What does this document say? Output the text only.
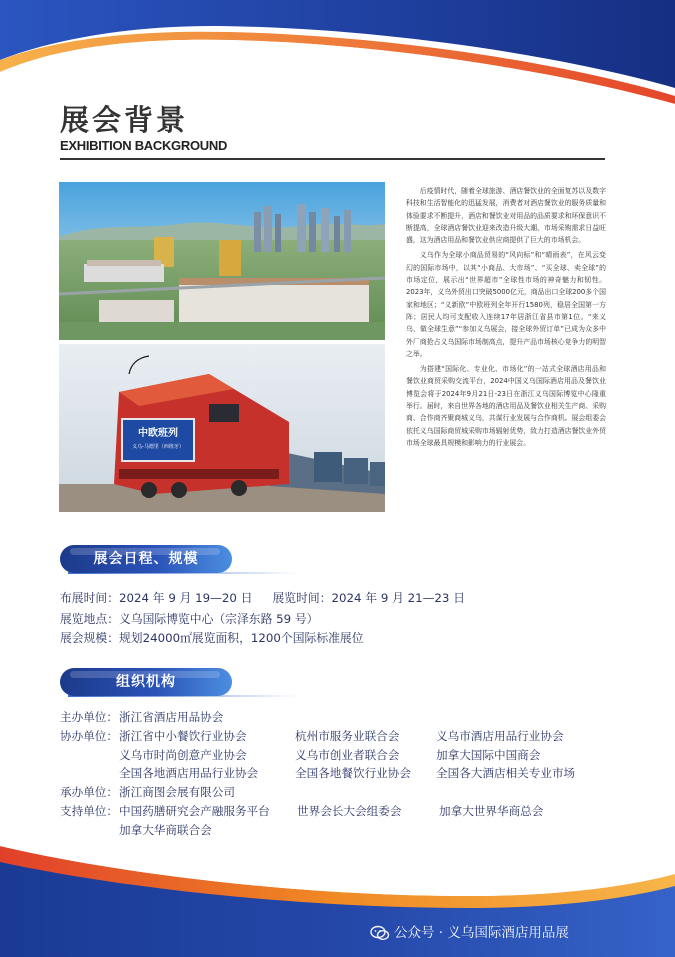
展会背景
EXHIBITION BACKGROUND
中欧班列
义乌-马德里（西班牙）

后疫情时代，随着全球旅游、酒店餐饮业的全面复苏以及数字科技和生活智能化的迅猛发展，消费者对酒店餐饮业的服务质量和体验要求不断提升，酒店和餐饮业对用品的品质要求和环保意识不断提高，全球酒店餐饮业迎来改造升级大潮、市场采购需求日益旺盛，这为酒店用品和餐饮业供应商提供了巨大的市场机会。

义乌作为全球小商品贸易的“风向标”和“晴雨表”，在风云变幻的国际市场中，以其“小商品、大市场”、“买全球、卖全球”的市场定位，展示出“世界超市”全球性市场的神奇魅力和韧性。2023年，义乌外贸出口突破5000亿元，商品出口全球200多个国家和地区；“义新欧”中欧班列全年开行1580列，稳居全国第一方阵；居民人均可支配收入连续17年居浙江省县市第1位。“来义乌，做全球生意”“参加义乌展会，接全球外贸订单”已成为众多中外厂商抢占义乌国际市场制高点，提升产品市场核心竞争力的明智之举。

为搭建“国际化、专业化、市场化”的一站式全球酒店用品和餐饮业商贸采购交流平台，2024中国义乌国际酒店用品及餐饮业博览会将于2024年9月21日-23日在浙江义乌国际博览中心隆重举行。届时，来自世界各地的酒店用品及餐饮业相关生产商、采购商、合作商齐聚商城义乌，共谋行业发展与合作商机。展会组委会依托义乌国际商贸城采购市场辐射优势，致力打造酒店餐饮业外贸市场全球最具规模和影响力的行业展会。

展会日程、规模
布展时间：2024 年 9 月 19—20 日 展览时间：2024 年 9 月 21—23 日
展览地点：义乌国际博览中心（宗泽东路 59 号）
展会规模：规划24000㎡展览面积，1200个国际标准展位
组织机构
主办单位： 浙江省酒店用品协会
协办单位： 浙江省中小餐饮行业协会	杭州市服务业联合会	义乌市酒店用品行业协会
义乌市时尚创意产业协会	义乌市创业者联合会	加拿大国际中国商会
全国各地酒店用品行业协会	全国各地餐饮行业协会 全国各大酒店相关专业市场
承办单位： 浙江商图会展有限公司
支持单位： 中国药膳研究会产融服务平台 世界会长大会组委会	加拿大世界华商总会
加拿大华商联合会
公众号 · 义乌国际酒店用品展
